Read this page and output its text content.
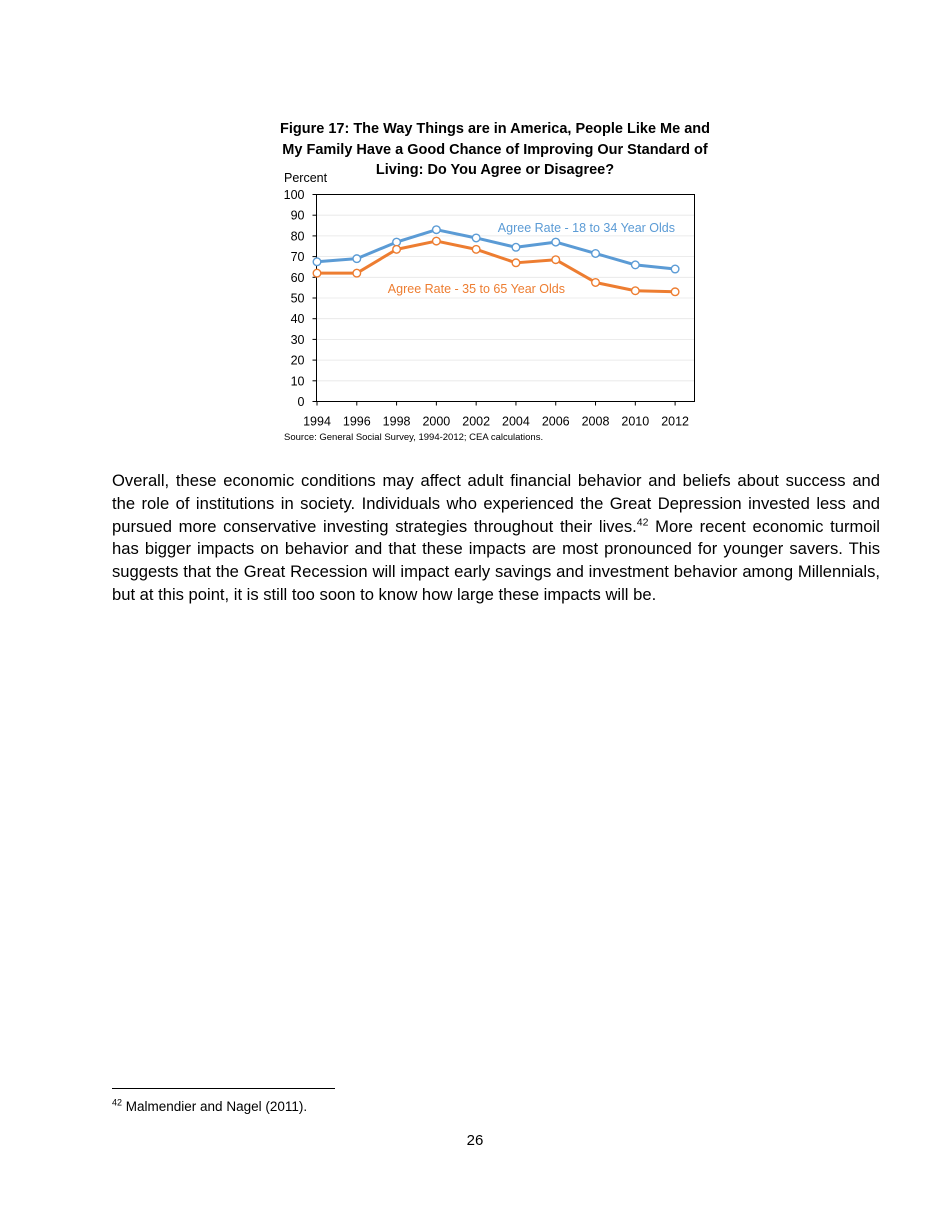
Figure 17: The Way Things are in America, People Like Me and My Family Have a Good Chance of Improving Our Standard of Living: Do You Agree or Disagree?
0
10
20
30
40
50
60
70
80
90
100
1994 1996 1998 2000 2002 2004 2006 2008 2010 2012
Agree Rate - 18 to 34 Year Olds
Agree Rate - 35 to 65 Year Olds
Percent
Source: General Social Survey, 1994-2012; CEA calculations.
Overall, these economic conditions may affect adult financial behavior and beliefs about success and the role of institutions in society. Individuals who experienced the Great Depression invested less and pursued more conservative investing strategies throughout their lives.$^{42}$ More recent economic turmoil has bigger impacts on behavior and that these impacts are most pronounced for younger savers. This suggests that the Great Recession will impact early savings and investment behavior among Millennials, but at this point, it is still too soon to know how large these impacts will be.
$^{42}$ Malmendier and Nagel (2011).
26
